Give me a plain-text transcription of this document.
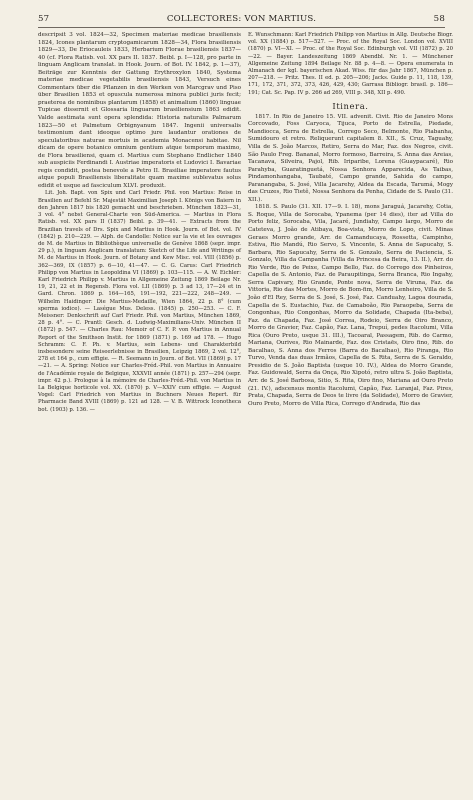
57	COLLECTORES: VON MARTIUS.	58

descripsit 3 vol. 1824—32, Specimen materiae medicae brasiliensis 1824, Icones plantarum cryptogamicarum 1828—34, Flora brasiliensis 1829—33, De Eriocauleis 1833, Herbarium Florae brasiliensis 1837—40 (cf. Flora Ratisb. vol. XX pars II. 1837. Beibl. p. I—128, pro parte in linguam Anglicam translat. in Hook. Journ. of Bot. IV. 1842, p. 1—37), Beiträge zur Kenntnis der Gattung Erythroxylon 1840, Systema materiae medicae vegetabilis brasiliensis 1843, Versuch eines Commentars über die Pflanzen in den Werken von Marcgrav und Piso über Brasilien 1853 et opuscula numerosa minora publici juris fecit; praeterea de nominibus plantarum (1858) et animalium (1860) linguae Tupicae dissernit et Glossaria linguarum brasiliensium 1863 edidit. Valde aestimata sunt opera splendida: Historia naturalis Palmarum 1823—50 et Palmetum Orbignyanum 1847. Ingenii universalis testimonium dant ideoque optimo jure laudantur orationes de speculatoribus naturae mortuis in academia Monacensi habitae. Nil dicam de opere botanico omnium gentium atque temporum maximo, de Flora brasiliensi, quam cl. Martius cum Stephano Endlicher 1840 sub auspiciis Ferdinandi I. Austriae imperatoris et Ludovici I. Bavariae regis condidit, postea benevole a Petro II. Brasiliae imperatore fautus atque populi Brasiliensis liberalitate quam maxime sublevatus solus edidit et usque ad fasciculum XLVI. produxit.

Lit. Joh. Bapt. von Spix und Carl Friedr. Phil. von Martius: Reise in Brasilien auf Befehl Sr. Majestät Maximilian Joseph I. Königs von Baiern in den Jahren 1817 bis 1820 gemacht und beschrieben. München 1823—31, 3 vol. 4° nebst General-Charte von Süd-America. — Martius in Flora Ratisb. vol. XX pars II (1837) Beibl. p. 39—41. — Extracts from the Brazilian travels of Drs. Spix and Martius in Hook. Journ. of Bot. vol. IV (1842) p. 210—229. — Alph. de Candolle: Notice sur la vie et les ouvrages de M. de Martius in Bibliothèque universelle de Genève 1868 (sepr. impr. 29 p.), in linguam Anglicam translatum: Sketch of the Life and Writings of M. de Martius in Hook. Journ. of Botany and Kew Misc. vol. VIII (1856) p. 362—369, IX (1857) p. 6—10, 41—47. — C. G. Carus: Carl Friedrich Philipp von Martius in Leopoldina VI (1869) p. 103—115. — A. W. Eichler: Karl Friedrich Philipp v. Martius in Allgemeine Zeitung 1869 Beilage Nr. 19, 21, 22 et in Regensb. Flora vol. LII (1869) p. 3 ad 13, 17—24 et in Gard. Chron. 1869 p. 164—165, 191—192, 221—222, 248—249. — Wilhelm Haidinger: Die Martius-Medaille, Wien 1864, 22 p. 8° (cum sperma iodice). — Laségue Mus. Deless. (1845) p. 250—253. — C. F. Meissner: Denkschrift auf Carl Friedr. Phil. von Martius, München 1869, 28 p. 4°. — C. Prantl: Gesch. d. Ludwig-Maximilians-Univ. München II (1872) p. 547. — Charles Rau: Memoir of C. F. P. von Martius in Annual Report of the Smithson Instit. for 1869 (1871) p. 169 ad 178. — Hugo Schramm: C. F. Ph. v. Martius, sein Lebens- und Charakterbild insbesondere seine Reiseerlebnisse in Brasilien, Leipzig 1869, 2 vol. 12°, 278 et 164 p., cum effigie. — R. Seemann in Journ. of Bot. VII (1869) p. 17—21. — A. Spring: Notice sur Charles-Fréd.-Phil. von Martius in Annuaire de l'Académie royale de Belgique, XXXVII année (1871) p. 257—294 (sepr. impr. 42 p.). Prologue à la mémoire de Charles-Fréd.-Phil. von Martius in La Belgique horticole vol. XX. (1870) p. V—XXIV cum effigie. — August Vogel: Carl Friedrich von Martius in Buchners Neues Repert. für Pharmacie Band XVIII (1869) p. 121 ad 128. — V. B. Wittrock Iconotheca bot. (1903) p. 136. —

E. Wunschmann: Karl Friedrich Philipp von Martius in Allg. Deutsche Biogr. vol. XX (1884) p. 517—527. — Proc. of the Royal Soc. London vol. XVIII (1870) p. VI—XI. — Proc. of the Royal Soc. Edinburgh vol. VII (1872) p. 20—22. — Bayer. Landeszeitung 1869 Abendbl. Nr. 1. — Münchener Allgemeine Zeitung 1894 Beilage Nr. 88 p. 4—8. — Opera enumerata in Almanach der kgl. bayerischen Akad. Wiss. für das Jahr 1867, München p. 207—218. — Pritz. Thes. II ed. p. 205—206; Jacks. Guide p. 11, 118, 139, 171, 172, 371, 372, 373, 426, 429, 430; Garrasa Bibliogr. brasil. p. 186—191; Cat. Sc. Pap. IV p. 266 ad 269, VIII p. 348, XII p. 490.

Itinera.

1817. In Rio de Janeiro 15. VII. advenit. Civit. Rio de Janeiro Mons Corcovado, Foss Caryoca, Tijuca, Porto de Estrella, Piedade, Mandiocca, Serra de Estrella, Corrego Seco, Belmonte, Rio Piabanha, Sumidouro et retro. Reliquerunt capitalem 8. XII., S. Cruz, Taguahy, Villa de S. João Marcos, Retiro, Serra do Mar, Faz. dos Negros, civit. São Paulo Freg. Bananal, Morro formoso, Barreira, S. Anna das Areias, Tacanava, Silveira, Pajol, Rib. Iriparibe, Lorena (Guaypacaré), Rio Parahyba, Guaratinguetá, Nossa Senhora Apparecida, As Taibas, Pindamonhangaba, Taubaté, Campo grande, Sahida do campo, Paranangaba, S. José, Villa Jacarehy, Aldea da Escada, Tarumá, Mogy das Cruzes, Rio Tietê, Nossa Senhora da Penha, Cidade de S. Paulo (31. XII.).

1818. S. Paulo (31. XII. 17—9. I. 18), mons Jaraguá, Jacarehy, Cotia, S. Roque, Villa de Sorocaba, Ypanema (per 14 dies), iter ad Villa do Porto feliz, Sorocaba, Vila, Jacaré, Jundiahy, Campo largo, Morro de Cateteva, J. João de Atibaya, Boa-vista, Morro de Lopo, civit. Minas Geraes Morro grande, Arr. de Camanducaya, Rossetta, Campinho, Estiva, Rio Mandú, Rio Servo, S. Vincente, S. Anna de Sapucahy, S. Barbara, Rio Sapucahy, Serra de S. Gonzalo, Serra de Paciencia, S. Gonzalo, Villa da Campanha (Villa da Princesa da Beira, 13. II.), Arr. do Rio Verde, Rio de Peixe, Campo Bello, Faz. do Corrego dos Pinheiros, Capella de S. Antonio, Faz. de Paraupitinga, Serra Branca, Rio Ingahy, Serra Capivary, Rio Grande, Ponte nova, Serra de Viruna, Faz. da Vittoria, Rio das Mortes, Morro de Bom-fim, Morro Lenheiro, Villa de S. João d'El Rey, Serra de S. José, S. José, Faz. Canduahy, Lagoa dourada, Capella de S. Eustachio, Faz. de Camaboão, Rio Paraopeba, Serra de Congonhas, Rio Congonhas, Morro da Solidade, Chapada (Ita-beba), Faz. da Chapada, Faz. José Correa, Rodeio, Serra de Oiro Branco, Morro de Gravier, Faz. Capão, Faz. Lana, Trepuí, pedes Itacolumi, Villa Rica (Ouro Preto, usque 31. III.), Tacoaral, Passagem, Rib. do Carmo, Mariana, Ourives, Rio Mainarde, Faz. dos Cristaēs, Oiro fino, Rib. do Bacalhao, S. Anna dos Ferros (Barra do Bacalhao), Rio Piranga, Rio Turvo, Venda das duas Irmãos, Capella de S. Rita, Serra de S. Geraldo, Presidio de S. João Baptista (usque 10. IV.), Aldea do Morro Grande, Faz. Guidowald, Serra da Onça, Rio Xipotó, retro ultra S. João Baptista, Arr. de S. José Barbosa, Sitio, S. Rita, Oiro fino, Mariana ad Ouro Preto (21. IV.), adscensus montis Itacolumi, Capão, Faz. Laranjal, Faz. Pires, Prata, Chapada, Serra de Deos te livre (da Solidade), Morro de Gravier, Ouro Preto, Morro de Villa Rica, Corrego d'Andrada, Rio das
